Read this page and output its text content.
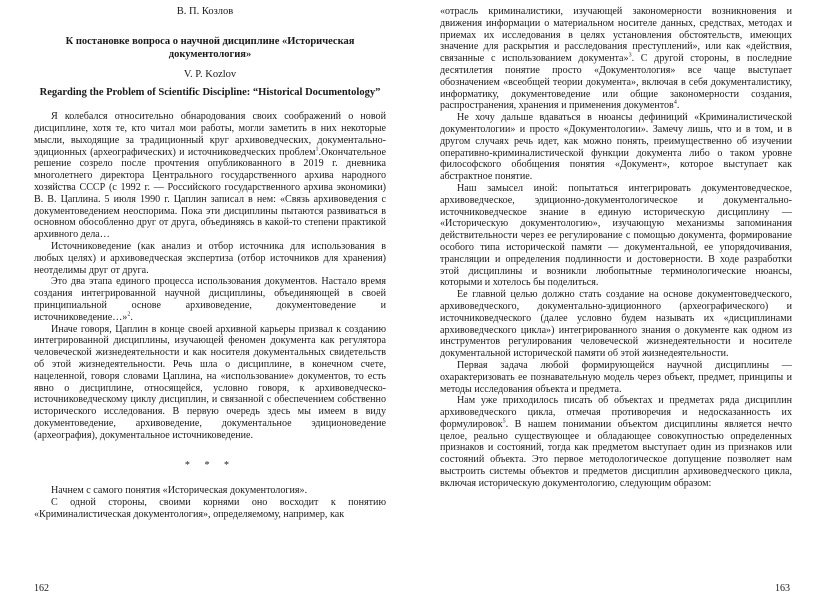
В. П. Козлов
К постановке вопроса о научной дисциплине «Историческая документология»
V. P. Kozlov
Regarding the Problem of Scientific Discipline: “Historical Documentology”

Я колебался относительно обнародования своих соображений о новой дисциплине, хотя те, кто читал мои работы, могли заметить в них некоторые мысли, выходящие за традиционный круг архивоведческих, документально-эдиционных (археографических) и источниковедческих проблем$^1$.Окончательное решение созрело после прочтения опубликованного в 2019 г. дневника многолетнего директора Центрального государственного архива народного хозяйства СССР (с 1992 г. — Российского государственного архива экономики) В. В. Цаплина. 5 июля 1990 г. Цаплин записал в нем: «Связь архивоведения с документоведением неоспорима. Пока эти дисциплины пытаются развиваться в основном обособленно друг от друга, объединяясь в какой-то степени практикой архивного дела…

Источниковедение (как анализ и отбор источника для использования в любых целях) и архивоведческая экспертиза (отбор источников для хранения) неотделимы друг от друга.

Это два этапа единого процесса использования документов. Настало время создания интегрированной научной дисциплины, объединяющей в своей принципиальной основе архивоведение, документоведение и источниковедение…»$^2$.

Иначе говоря, Цаплин в конце своей архивной карьеры призвал к созданию интегрированной дисциплины, изучающей феномен документа как регулятора человеческой жизнедеятельности и как носителя документальных свидетельств об этой жизнедеятельности. Речь шла о дисциплине, в конечном счете, нацеленной, говоря словами Цаплина, на «использование» документов, то есть явно о дисциплине, относящейся, условно говоря, к архивоведческо-источниковедческому циклу дисциплин, и связанной с обеспечением собственно исторического исследования. В первую очередь здесь мы имеем в виду документоведение, архивоведение, документальное эдиционоведение (археография), документальное источниковедение.

* * *

Начнем с самого понятия «Историческая документология».

С одной стороны, своими корнями оно восходит к понятию «Криминалистическая документология», определяемому, например, как

162

«отрасль криминалистики, изучающей закономерности возникновения и движения информации о материальном носителе данных, средствах, методах и приемах их исследования в целях установления обстоятельств, имеющих значение для раскрытия и расследования преступлений», или как «действия, связанные с использованием документа»$^3$. С другой стороны, в последние десятилетия понятие просто «Документология» все чаще выступает обозначением «всеобщей теории документа», включая в себя документалистику, информатику, документоведение или общие закономерности создания, распространения, хранения и применения документов$^4$.

Не хочу дальше вдаваться в нюансы дефиниций «Криминалистической документологии» и просто «Документологии». Замечу лишь, что и в том, и в другом случаях речь идет, как можно понять, преимущественно об изучении оперативно-криминалистической функции документа либо о таком уровне философского обобщения понятия «Документ», которое выступает как абстрактное понятие.

Наш замысел иной: попытаться интегрировать документоведческое, архивоведческое, эдиционно-документологическое и документально-источниковедческое знание в единую историческую дисциплину — «Историческую документологию», изучающую механизмы запоминания действительности через ее регулирование с помощью документа, формирование особого типа исторической памяти — документальной, ее упорядочивания, трансляции и определения подлинности и достоверности. В ходе разработки этой дисциплины и возникли любопытные терминологические нюансы, которыми и хотелось бы поделиться.

Ее главной целью должно стать создание на основе документоведческого, архивоведческого, документально-эдиционного (археографического) и источниковедческого (далее условно будем называть их «дисциплинами архивоведческого цикла») интегрированного знания о документе как одном из инструментов регулирования человеческой жизнедеятельности и носителе документальной исторической памяти об этой жизнедеятельности.

Первая задача любой формирующейся научной дисциплины — охарактеризовать ее познавательную модель через объект, предмет, принципы и методы исследования объекта и предмета.

Нам уже приходилось писать об объектах и предметах ряда дисциплин архивоведческого цикла, отмечая противоречия и недосказанность их формулировок$^5$. В нашем понимании объектом дисциплины является нечто целое, реально существующее и обладающее совокупностью определенных признаков и состояний, тогда как предметом выступает один из признаков или состояний объекта. Это первое методологическое допущение позволяет нам выстроить системы объектов и предметов дисциплин архивоведческого цикла, включая историческую документологию, следующим образом:

163
